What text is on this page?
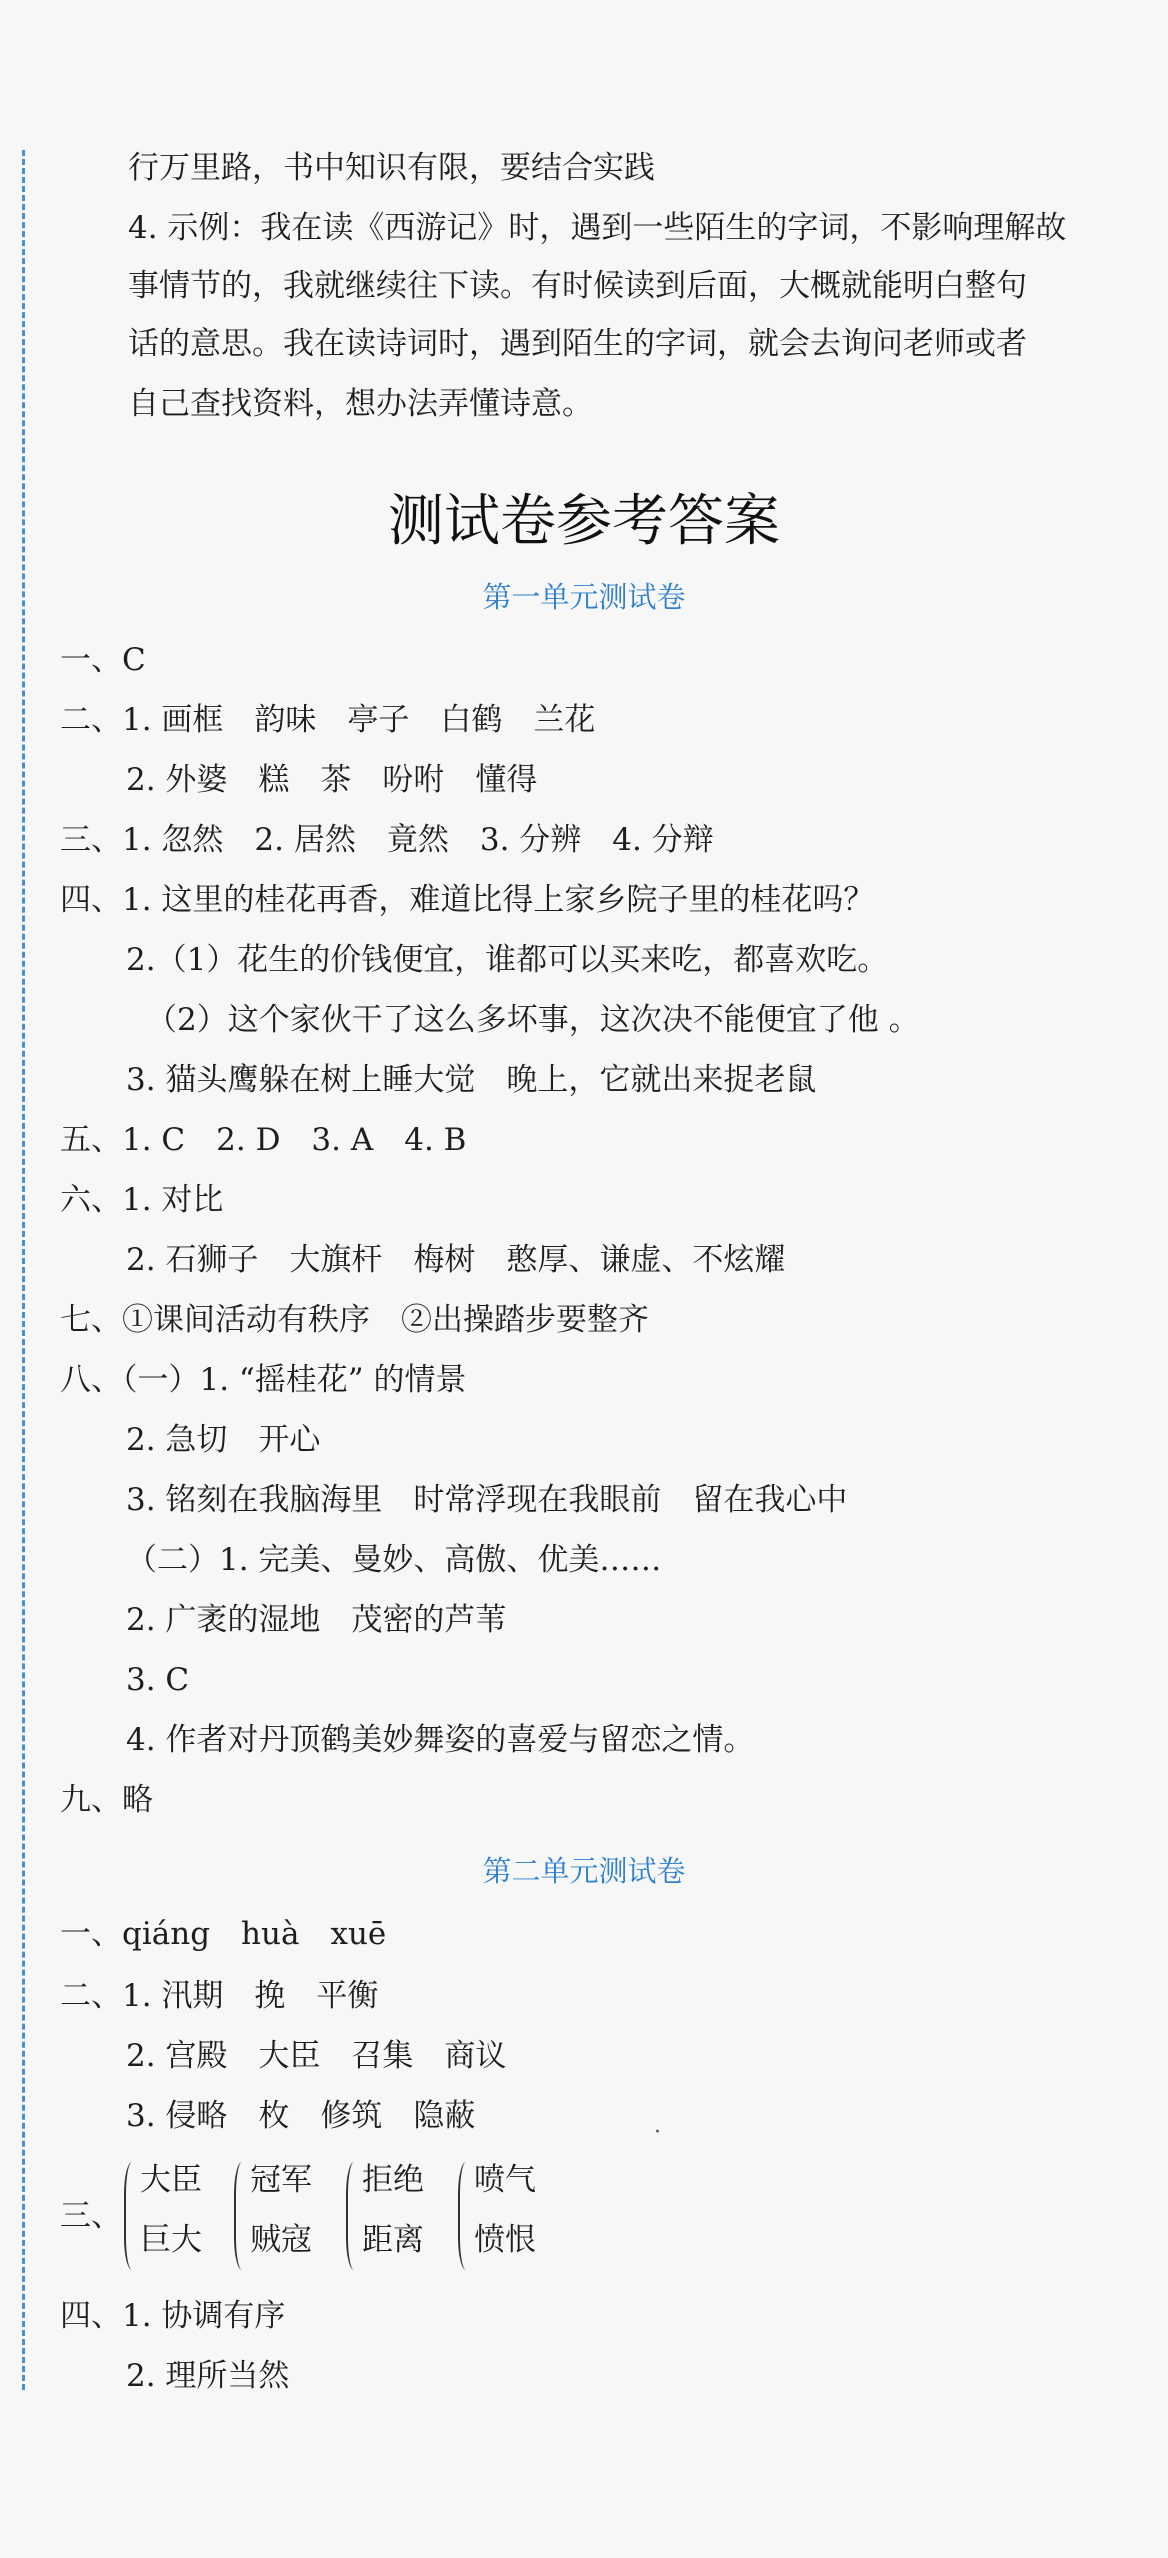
行万里路，书中知识有限，要结合实践
4. 示例：我在读《西游记》时，遇到一些陌生的字词，不影响理解故
事情节的，我就继续往下读。有时候读到后面，大概就能明白整句
话的意思。我在读诗词时，遇到陌生的字词，就会去询问老师或者
自己查找资料，想办法弄懂诗意。
测试卷参考答案
第一单元测试卷
一、C
二、1. 画框　韵味　亭子　白鹤　兰花
2. 外婆　糕　茶　吩咐　懂得
三、1. 忽然　2. 居然　竟然　3. 分辨　4. 分辩
四、1. 这里的桂花再香，难道比得上家乡院子里的桂花吗？
2.（1）花生的价钱便宜，谁都可以买来吃，都喜欢吃。
（2）这个家伙干了这么多坏事，这次决不能便宜了他 。
3. 猫头鹰躲在树上睡大觉　晚上，它就出来捉老鼠
五、1. C　2. D　3. A　4. B
六、1. 对比
2. 石狮子　大旗杆　梅树　憨厚、谦虚、不炫耀
七、①课间活动有秩序　②出操踏步要整齐
八、（一）1. “摇桂花” 的情景
2. 急切　开心
3. 铭刻在我脑海里　时常浮现在我眼前　留在我心中
（二）1. 完美、曼妙、高傲、优美……
2. 广袤的湿地　茂密的芦苇
3. C
4. 作者对丹顶鹤美妙舞姿的喜爱与留恋之情。
九、略
第二单元测试卷
一、qiáng　huà　xuē
二、1. 汛期　挽　平衡
2. 宫殿　大臣　召集　商议
3. 侵略　枚　修筑　隐蔽	·
三、
大臣
巨大
冠军
贼寇
拒绝
距离
喷气
愤恨
四、1. 协调有序
2. 理所当然
